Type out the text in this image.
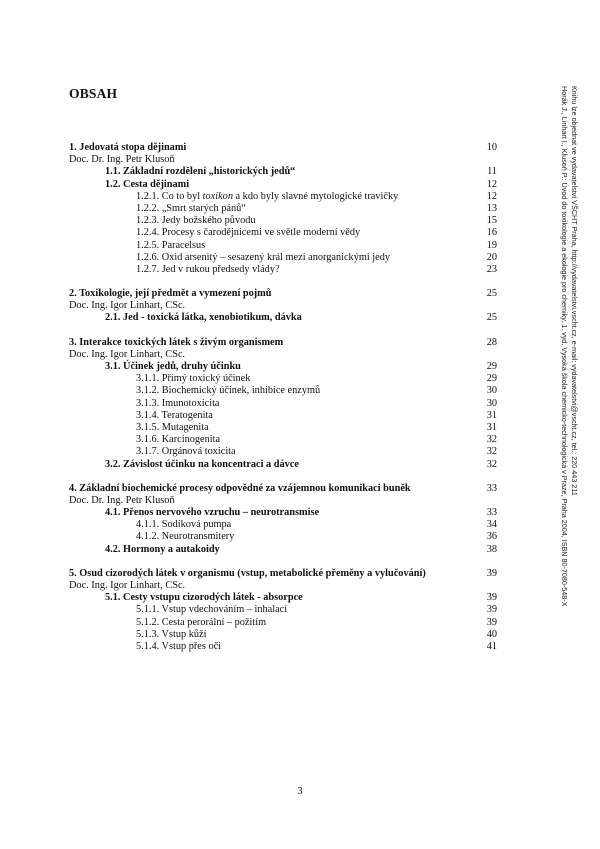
OBSAH
1. Jedovatá stopa dějinami	10
Doc. Dr. Ing. Petr Klusoň
1.1. Základní rozdělení „historických jedů“	11
1.2. Cesta dějinami	12
1.2.1. Co to byl toxikon a kdo byly slavné mytologické travičky	12
1.2.2. „Smrt starých pánů“	13
1.2.3. Jedy božského původu	15
1.2.4. Procesy s čarodějnicemi ve světle moderní vědy	16
1.2.5. Paracelsus	19
1.2.6. Oxid arsenitý – sesazený král mezi anorganickými jedy	20
1.2.7. Jed v rukou předsedy vlády?	23
2. Toxikologie, její předmět a vymezení pojmů	25
Doc. Ing. Igor Linhart, CSc.
2.1. Jed - toxická látka, xenobiotikum, dávka	25
3. Interakce toxických látek s živým organismem	28
Doc. Ing. Igor Linhart, CSc.
3.1. Účinek jedů, druhy účinku	29
3.1.1. Přímý toxický účinek	29
3.1.2. Biochemický účinek, inhibice enzymů	30
3.1.3. Imunotoxicita	30
3.1.4. Teratogenita	31
3.1.5. Mutagenita	31
3.1.6. Karcinogenita	32
3.1.7. Orgánová toxicita	32
3.2. Závislost účinku na koncentraci a dávce	32
4. Základní biochemické procesy odpovědné za vzájemnou komunikaci buněk	33
Doc. Dr. Ing. Petr Klusoň
4.1. Přenos nervového vzruchu – neurotransmise	33
4.1.1. Sodíková pumpa	34
4.1.2. Neurotransmitery	36
4.2. Hormony a autakoidy	38
5. Osud cizorodých látek v organismu (vstup, metabolické přeměny a vylučování)	39
Doc. Ing. Igor Linhart, CSc.
5.1. Cesty vstupu cizorodých látek - absorpce	39
5.1.1. Vstup vdechováním – inhalací	39
5.1.2. Cesta perorální – požitím	39
5.1.3. Vstup kůží	40
5.1.4. Vstup přes oči	41
Horák J., Linhart I., Klusoň P.: Úvod do toxikologie a ekologie pro chemiky, 1. vyd. Vysoká škola chemicko-technologická v Praze, Praha 2004, ISBN 80-7080-548-X Knihu lze objednat ve vydavatelství VŠCHT Praha, http://vydavatelstvi.vscht.cz, e-mail: vydavatelstvi@vscht.cz, tel.: 220 443 211
3
